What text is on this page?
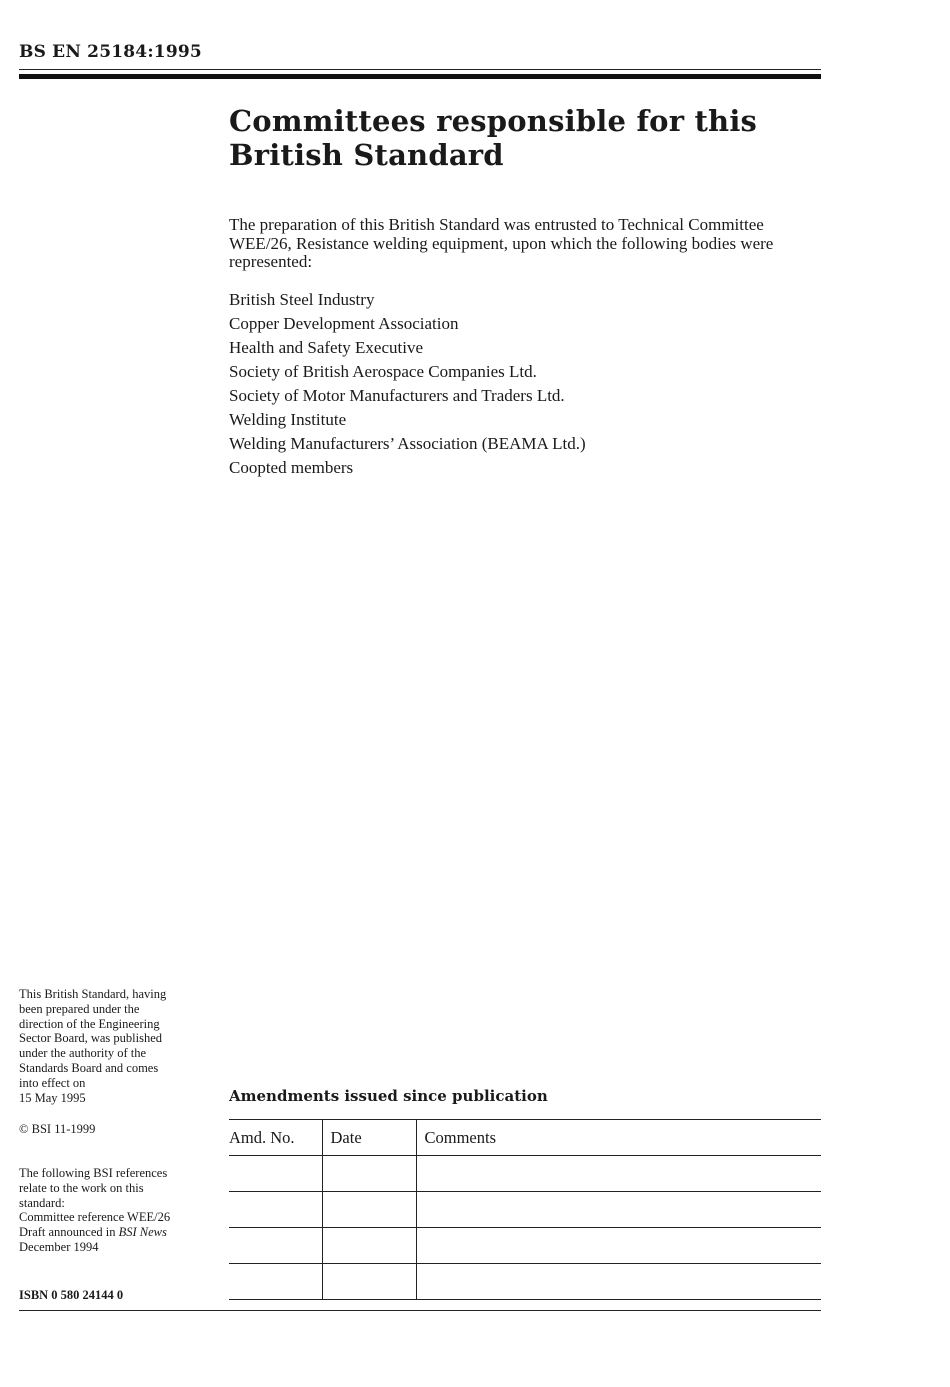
BS EN 25184:1995
Committees responsible for this
British Standard

The preparation of this British Standard was entrusted to Technical Committee WEE/26, Resistance welding equipment, upon which the following bodies were represented:

British Steel Industry
Copper Development Association
Health and Safety Executive
Society of British Aerospace Companies Ltd.
Society of Motor Manufacturers and Traders Ltd.
Welding Institute
Welding Manufacturers’ Association (BEAMA Ltd.)
Coopted members
This British Standard, having
been prepared under the
direction of the Engineering
Sector Board, was published
under the authority of the
Standards Board and comes
into effect on
15 May 1995
© BSI 11-1999
The following BSI references
relate to the work on this
standard:
Committee reference WEE/26
Draft announced in BSI News
December 1994
ISBN 0 580 24144 0
Amendments issued since publication
Amd. No.	Date	Comments
